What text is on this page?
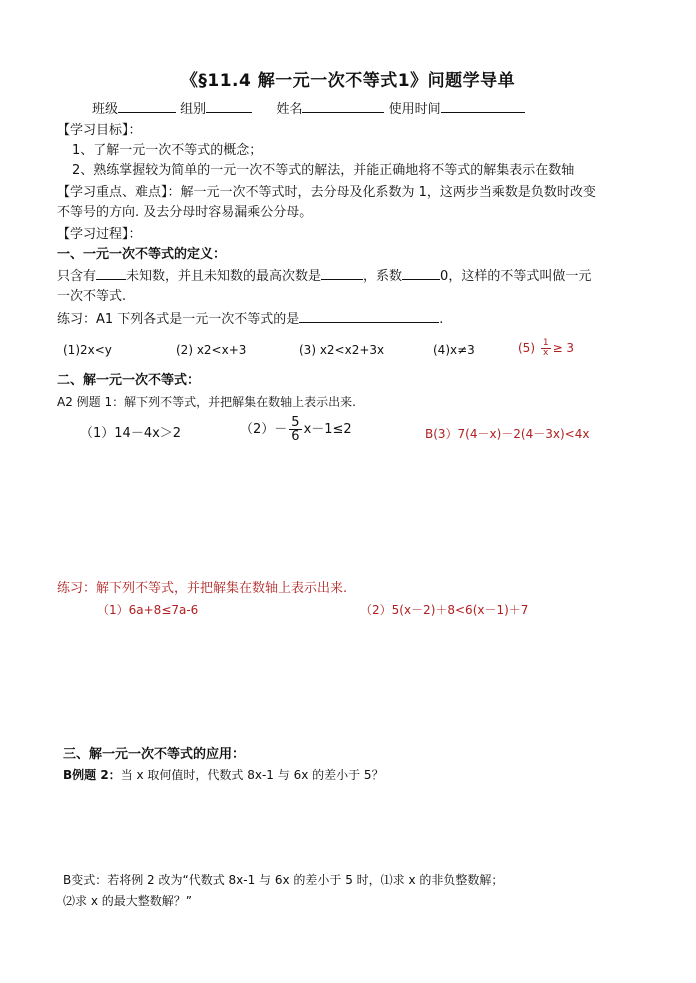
《§11.4 解一元一次不等式1》问题学导单
班级	组别	姓名	使用时间
【学习目标】：
1、了解一元一次不等式的概念；
2、熟练掌握较为简单的一元一次不等式的解法，并能正确地将不等式的解集表示在数轴
【学习重点、难点】：解一元一次不等式时，去分母及化系数为 1，这两步当乘数是负数时改变
不等号的方向. 及去分母时容易漏乘公分母。
【学习过程】：
一、一元一次不等式的定义：
只含有 未知数，并且未知数的最高次数是	，系数	0，这样的不等式叫做一元
一次不等式.
练习：A1 下列各式是一元一次不等式的是	.
(1)2x<y	(2) x2<x+3	(3) x2<x2+3x	(4)x≠3	$(5) \frac{1}{x} \ge 3$
二、解一元一次不等式：
A2 例题 1：解下列不等式，并把解集在数轴上表示出来.
（1）14－4x＞2	$(2)- \frac{5}{6} x-1\le 2$	B(3）7(4－x)－2(4－3x)<4x
练习：解下列不等式，并把解集在数轴上表示出来.
（1）6a+8≤7a-6	（2）5(x－2)＋8<6(x－1)＋7
三、解一元一次不等式的应用：
B例题 2：当 x 取何值时，代数式 8x-1 与 6x 的差小于 5？
B变式：若将例 2 改为“代数式 8x-1 与 6x 的差小于 5 时，⑴求 x 的非负整数解；
⑵求 x 的最大整数解？”
